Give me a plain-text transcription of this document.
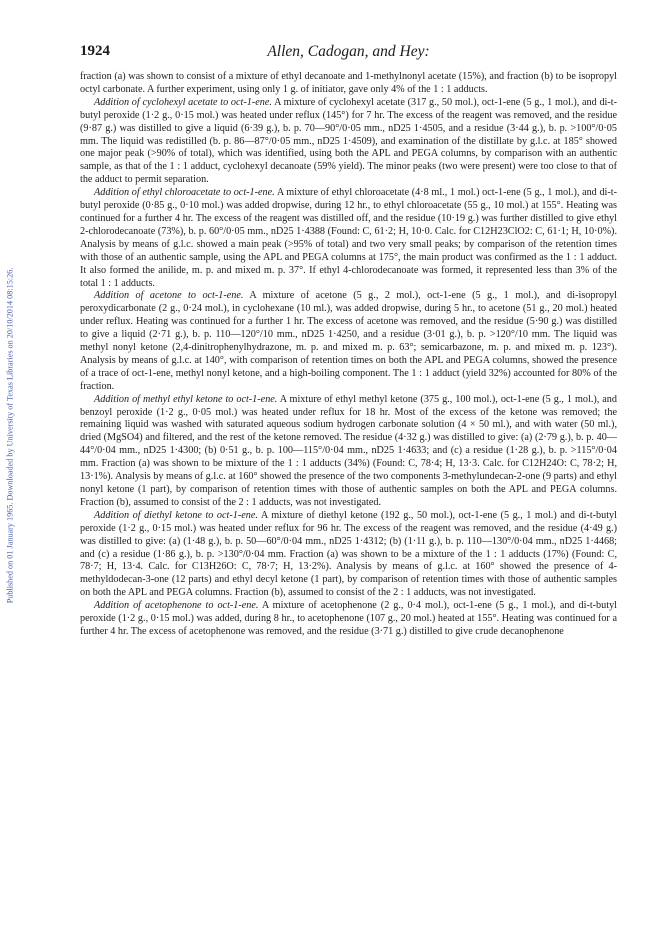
Published on 01 January 1965. Downloaded by University of Texas Libraries on 20/10/2014 08:15:26.
1924	Allen, Cadogan, and Hey:

fraction (a) was shown to consist of a mixture of ethyl decanoate and 1-methylnonyl acetate (15%), and fraction (b) to be isopropyl octyl carbonate. A further experiment, using only 1 g. of initiator, gave only 4% of the 1 : 1 adducts.

Addition of cyclohexyl acetate to oct-1-ene. A mixture of cyclohexyl acetate (317 g., 50 mol.), oct-1-ene (5 g., 1 mol.), and di-t-butyl peroxide (1·2 g., 0·15 mol.) was heated under reflux (145°) for 7 hr. The excess of the reagent was removed, and the residue (9·87 g.) was distilled to give a liquid (6·39 g.), b. p. 70—90°/0·05 mm., nD25 1·4505, and a residue (3·44 g.), b. p. >100°/0·05 mm. The liquid was redistilled (b. p. 86—87°/0·05 mm., nD25 1·4509), and examination of the distillate by g.l.c. at 185° showed one major peak (>90% of total), which was identified, using both the APL and PEGA columns, by comparison with an authentic sample, as that of the 1 : 1 adduct, cyclohexyl decanoate (59% yield). The minor peaks (two were present) were too close to that of the adduct to permit separation.

Addition of ethyl chloroacetate to oct-1-ene. A mixture of ethyl chloroacetate (4·8 ml., 1 mol.) oct-1-ene (5 g., 1 mol.), and di-t-butyl peroxide (0·85 g., 0·10 mol.) was added dropwise, during 12 hr., to ethyl chloroacetate (55 g., 10 mol.) at 155°. Heating was continued for a further 4 hr. The excess of the reagent was distilled off, and the residue (10·19 g.) was further distilled to give ethyl 2-chlorodecanoate (73%), b. p. 60°/0·05 mm., nD25 1·4388 (Found: C, 61·2; H, 10·0. Calc. for C12H23ClO2: C, 61·1; H, 10·0%). Analysis by means of g.l.c. showed a main peak (>95% of total) and two very small peaks; by comparison of the retention times with those of an authentic sample, using the APL and PEGA columns at 175°, the main product was confirmed as the 1 : 1 adduct. It also formed the anilide, m. p. and mixed m. p. 37°. If ethyl 4-chlorodecanoate was formed, it represented less than 3% of the total 1 : 1 adducts.

Addition of acetone to oct-1-ene. A mixture of acetone (5 g., 2 mol.), oct-1-ene (5 g., 1 mol.), and di-isopropyl peroxydicarbonate (2 g., 0·24 mol.), in cyclohexane (10 ml.), was added dropwise, during 5 hr., to acetone (51 g., 20 mol.) heated under reflux. Heating was continued for a further 1 hr. The excess of acetone was removed, and the residue (5·90 g.) was distilled to give a liquid (2·71 g.), b. p. 110—120°/10 mm., nD25 1·4250, and a residue (3·01 g.), b. p. >120°/10 mm. The liquid was methyl nonyl ketone (2,4-dinitrophenylhydrazone, m. p. and mixed m. p. 63°; semicarbazone, m. p. and mixed m. p. 123°). Analysis by means of g.l.c. at 140°, with comparison of retention times on both the APL and PEGA columns, showed the presence of a trace of oct-1-ene, methyl nonyl ketone, and a high-boiling component. The 1 : 1 adduct (yield 32%) accounted for 80% of the fraction.

Addition of methyl ethyl ketone to oct-1-ene. A mixture of ethyl methyl ketone (375 g., 100 mol.), oct-1-ene (5 g., 1 mol.), and benzoyl peroxide (1·2 g., 0·05 mol.) was heated under reflux for 18 hr. Most of the excess of the ketone was removed; the remaining liquid was washed with saturated aqueous sodium hydrogen carbonate solution (4 × 50 ml.), and with water (50 ml.), dried (MgSO4) and filtered, and the rest of the ketone removed. The residue (4·32 g.) was distilled to give: (a) (2·79 g.), b. p. 40—44°/0·04 mm., nD25 1·4300; (b) 0·51 g., b. p. 100—115°/0·04 mm., nD25 1·4633; and (c) a residue (1·28 g.), b. p. >115°/0·04 mm. Fraction (a) was shown to be mixture of the 1 : 1 adducts (34%) (Found: C, 78·4; H, 13·3. Calc. for C12H24O: C, 78·2; H, 13·1%). Analysis by means of g.l.c. at 160° showed the presence of the two components 3-methylundecan-2-one (9 parts) and ethyl nonyl ketone (1 part), by comparison of retention times with those of authentic samples on both the APL and PEGA columns. Fraction (b), assumed to consist of the 2 : 1 adducts, was not investigated.

Addition of diethyl ketone to oct-1-ene. A mixture of diethyl ketone (192 g., 50 mol.), oct-1-ene (5 g., 1 mol.) and di-t-butyl peroxide (1·2 g., 0·15 mol.) was heated under reflux for 96 hr. The excess of the reagent was removed, and the residue (4·49 g.) was distilled to give: (a) (1·48 g.), b. p. 50—60°/0·04 mm., nD25 1·4312; (b) (1·11 g.), b. p. 110—130°/0·04 mm., nD25 1·4468; and (c) a residue (1·86 g.), b. p. >130°/0·04 mm. Fraction (a) was shown to be a mixture of the 1 : 1 adducts (17%) (Found: C, 78·7; H, 13·4. Calc. for C13H26O: C, 78·7; H, 13·2%). Analysis by means of g.l.c. at 160° showed the presence of 4-methyldodecan-3-one (12 parts) and ethyl decyl ketone (1 part), by comparison of retention times with those of authentic samples on both the APL and PEGA columns. Fraction (b), assumed to consist of the 2 : 1 adducts, was not investigated.

Addition of acetophenone to oct-1-ene. A mixture of acetophenone (2 g., 0·4 mol.), oct-1-ene (5 g., 1 mol.), and di-t-butyl peroxide (1·2 g., 0·15 mol.) was added, during 8 hr., to acetophenone (107 g., 20 mol.) heated at 155°. Heating was continued for a further 4 hr. The excess of acetophenone was removed, and the residue (3·71 g.) distilled to give crude decanophenone
